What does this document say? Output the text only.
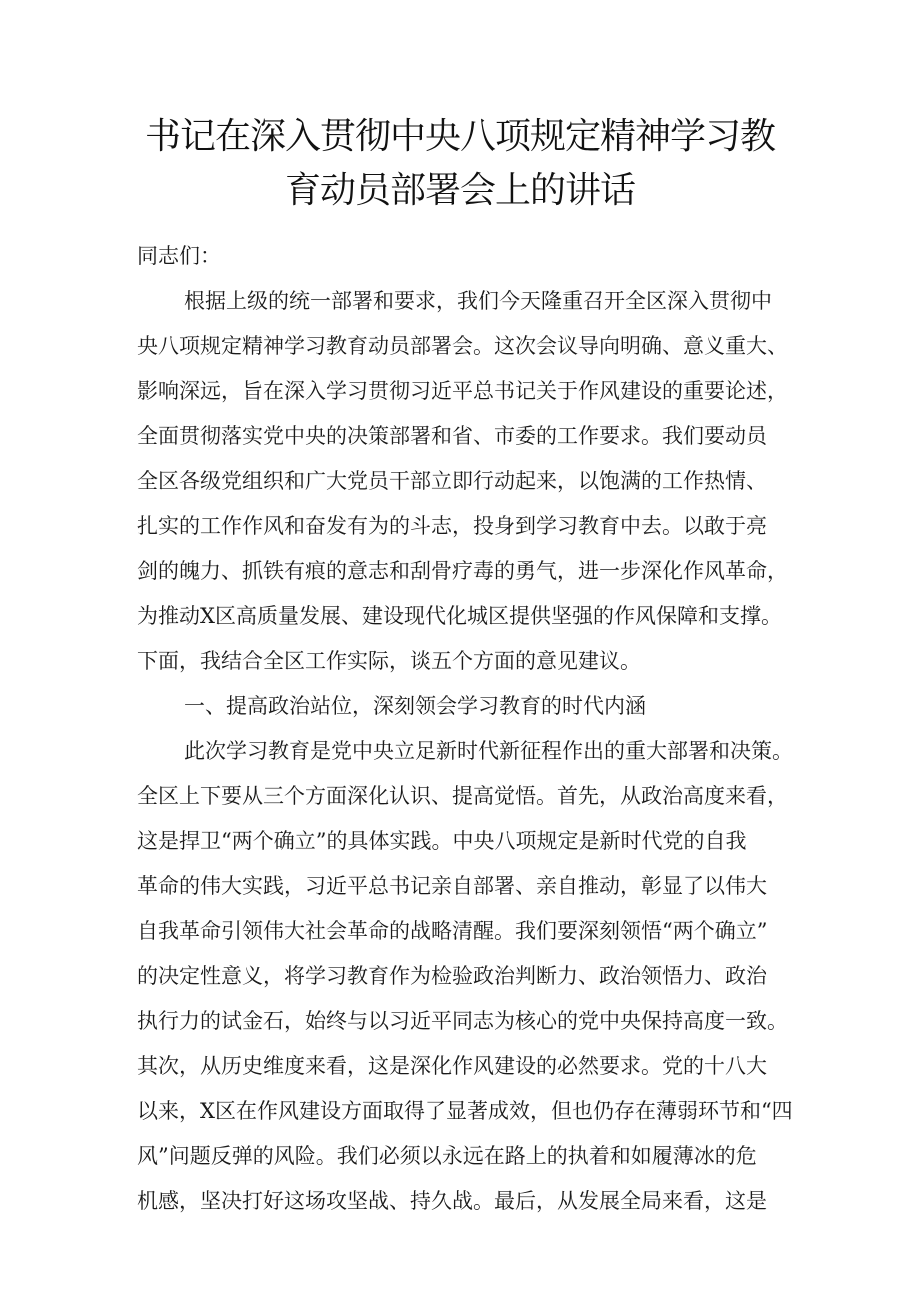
书记在深入贯彻中央八项规定精神学习教
育动员部署会上的讲话
同志们：
根据上级的统一部署和要求，我们今天隆重召开全区深入贯彻中
央八项规定精神学习教育动员部署会。这次会议导向明确、意义重大、
影响深远，旨在深入学习贯彻习近平总书记关于作风建设的重要论述，
全面贯彻落实党中央的决策部署和省、市委的工作要求。我们要动员
全区各级党组织和广大党员干部立即行动起来，以饱满的工作热情、
扎实的工作作风和奋发有为的斗志，投身到学习教育中去。以敢于亮
剑的魄力、抓铁有痕的意志和刮骨疗毒的勇气，进一步深化作风革命，
为推动X区高质量发展、建设现代化城区提供坚强的作风保障和支撑。
下面，我结合全区工作实际，谈五个方面的意见建议。
一、提高政治站位，深刻领会学习教育的时代内涵
此次学习教育是党中央立足新时代新征程作出的重大部署和决策。
全区上下要从三个方面深化认识、提高觉悟。首先，从政治高度来看，
这是捍卫“两个确立”的具体实践。中央八项规定是新时代党的自我
革命的伟大实践，习近平总书记亲自部署、亲自推动，彰显了以伟大
自我革命引领伟大社会革命的战略清醒。我们要深刻领悟“两个确立”
的决定性意义，将学习教育作为检验政治判断力、政治领悟力、政治
执行力的试金石，始终与以习近平同志为核心的党中央保持高度一致。
其次，从历史维度来看，这是深化作风建设的必然要求。党的十八大
以来，X区在作风建设方面取得了显著成效，但也仍存在薄弱环节和“四
风”问题反弹的风险。我们必须以永远在路上的执着和如履薄冰的危
机感，坚决打好这场攻坚战、持久战。最后，从发展全局来看，这是
